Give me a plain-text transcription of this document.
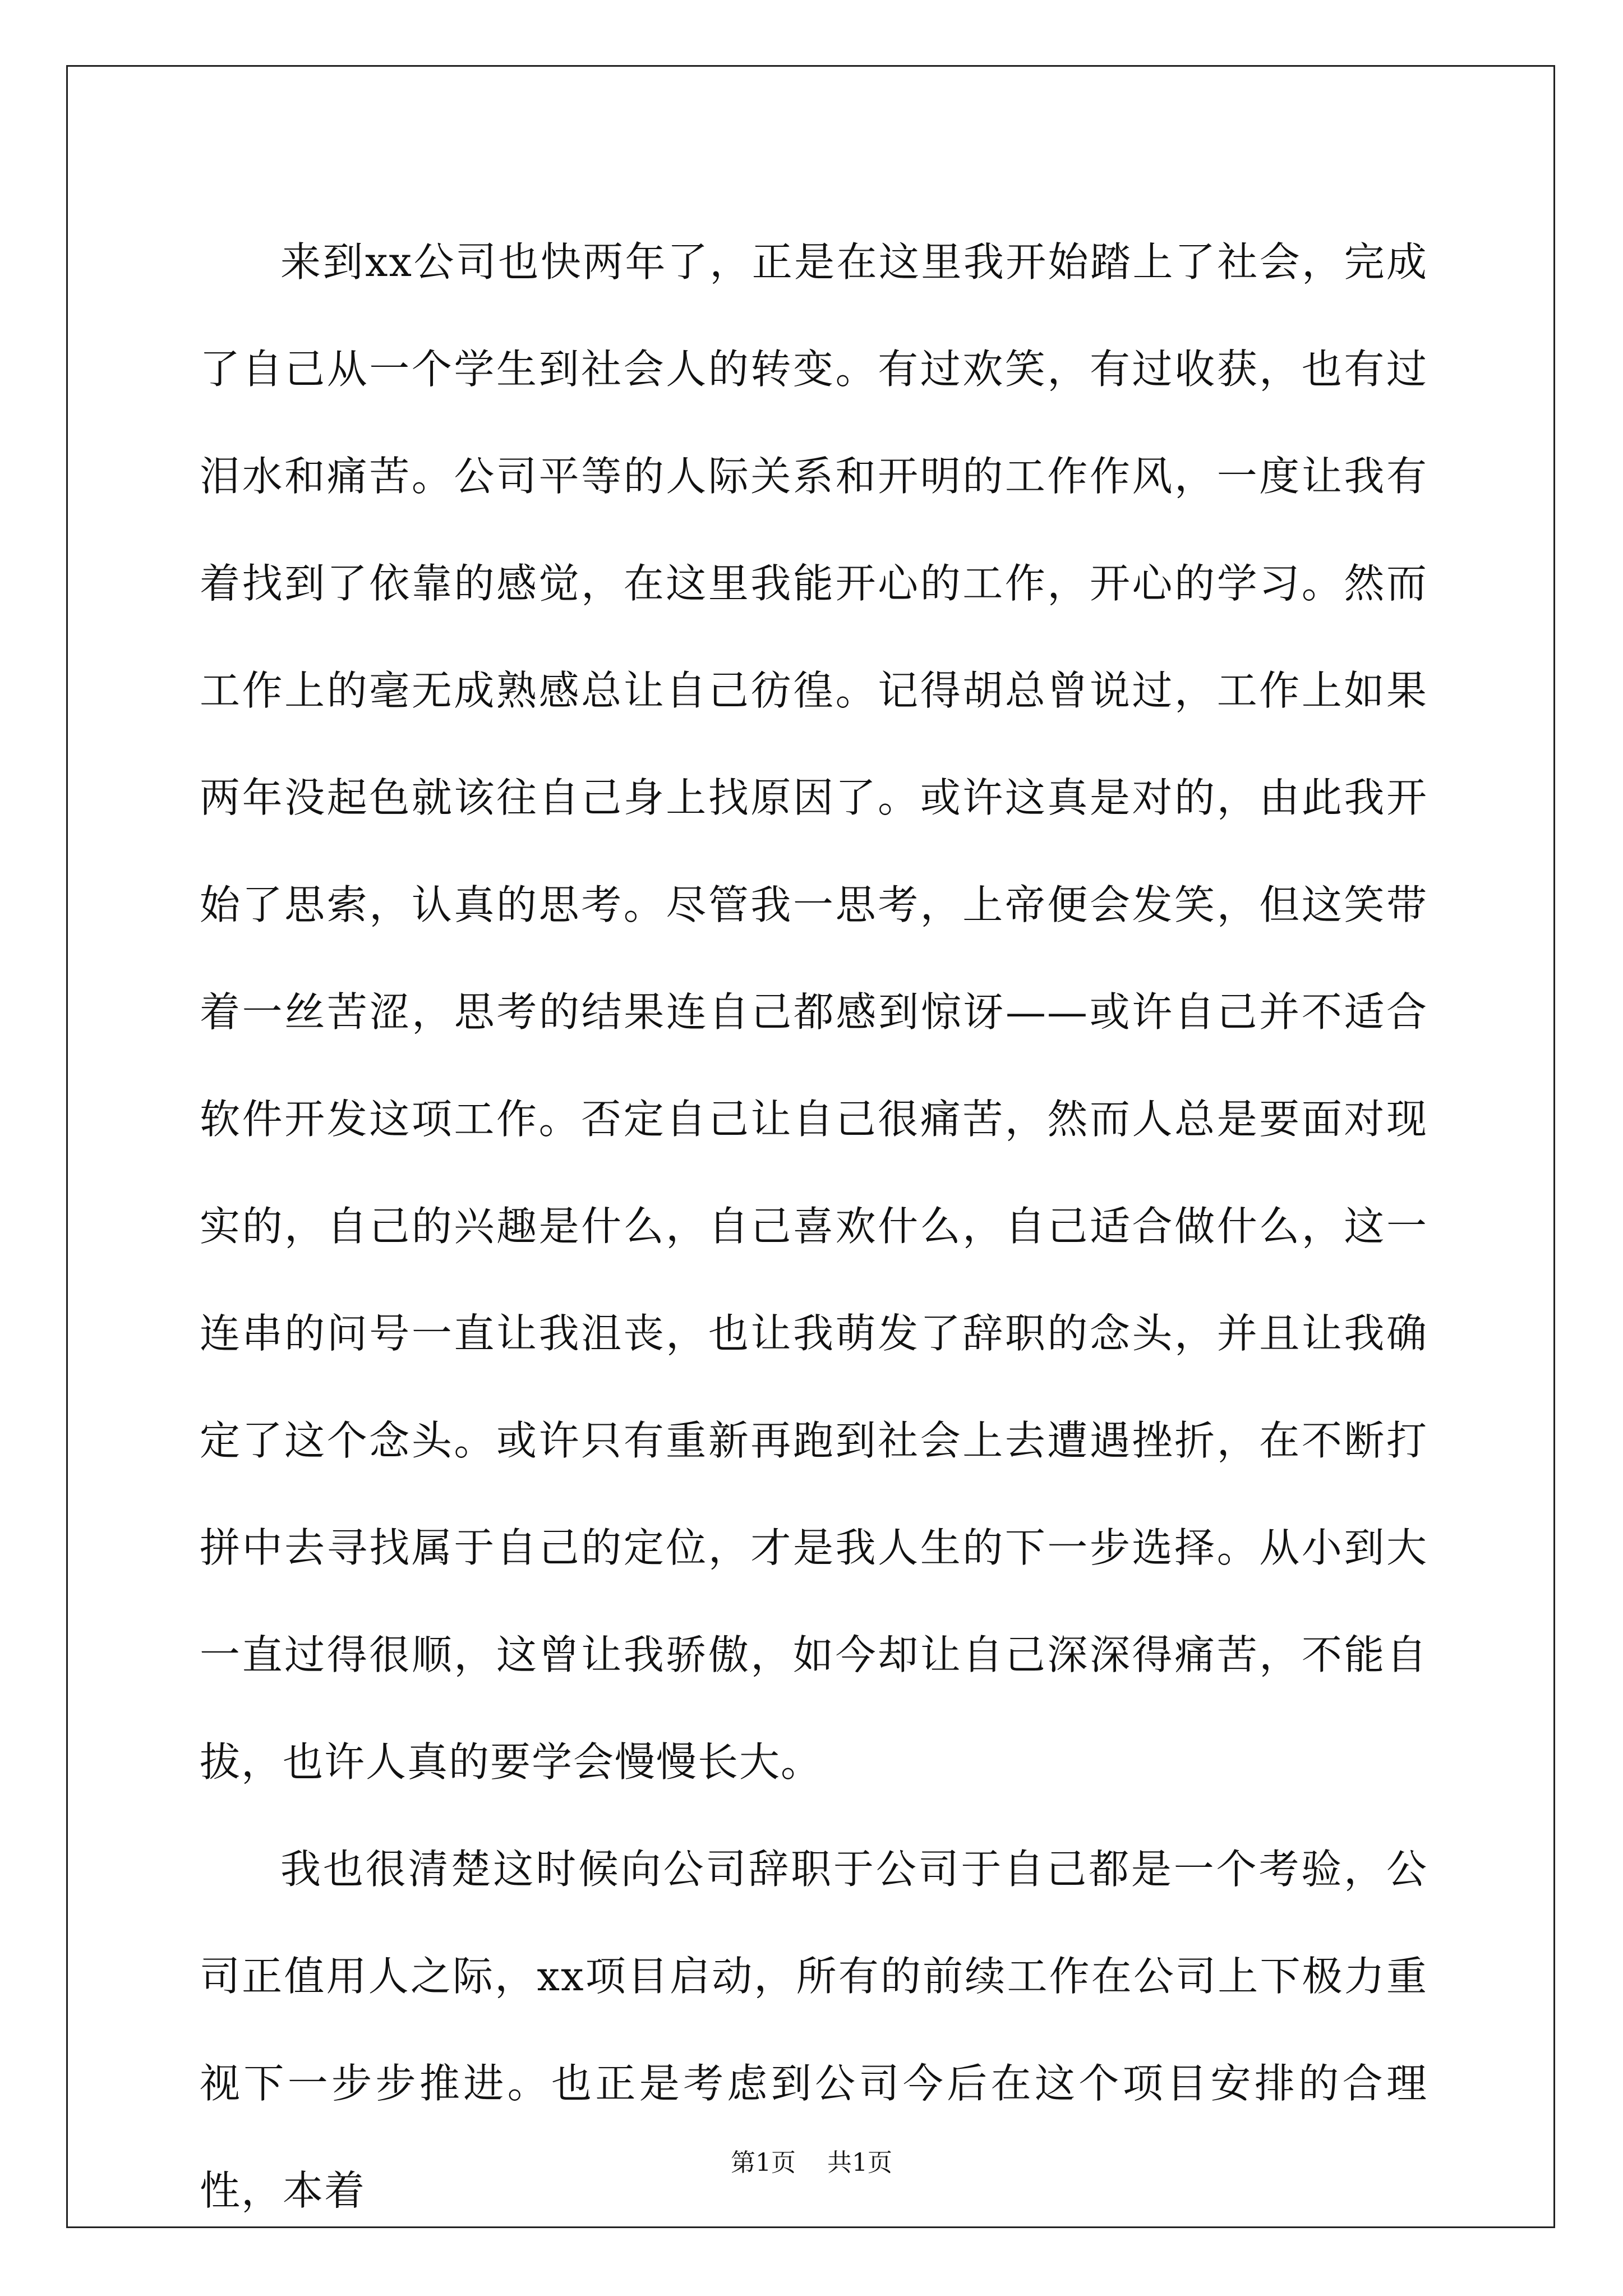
来到xx公司也快两年了，正是在这里我开始踏上了社会，完成了自己从一个学生到社会人的转变。有过欢笑，有过收获，也有过泪水和痛苦。公司平等的人际关系和开明的工作作风，一度让我有着找到了依靠的感觉，在这里我能开心的工作，开心的学习。然而工作上的毫无成熟感总让自己彷徨。记得胡总曾说过，工作上如果两年没起色就该往自己身上找原因了。或许这真是对的，由此我开始了思索，认真的思考。尽管我一思考，上帝便会发笑，但这笑带着一丝苦涩，思考的结果连自己都感到惊讶——或许自己并不适合软件开发这项工作。否定自己让自己很痛苦，然而人总是要面对现实的，自己的兴趣是什么，自己喜欢什么，自己适合做什么，这一连串的问号一直让我沮丧，也让我萌发了辞职的念头，并且让我确定了这个念头。或许只有重新再跑到社会上去遭遇挫折，在不断打拼中去寻找属于自己的定位，才是我人生的下一步选择。从小到大一直过得很顺，这曾让我骄傲，如今却让自己深深得痛苦，不能自拔，也许人真的要学会慢慢长大。

我也很清楚这时候向公司辞职于公司于自己都是一个考验，公司正值用人之际，xx项目启动，所有的前续工作在公司上下极力重视下一步步推进。也正是考虑到公司今后在这个项目安排的合理性，本着

第1页 共1页
